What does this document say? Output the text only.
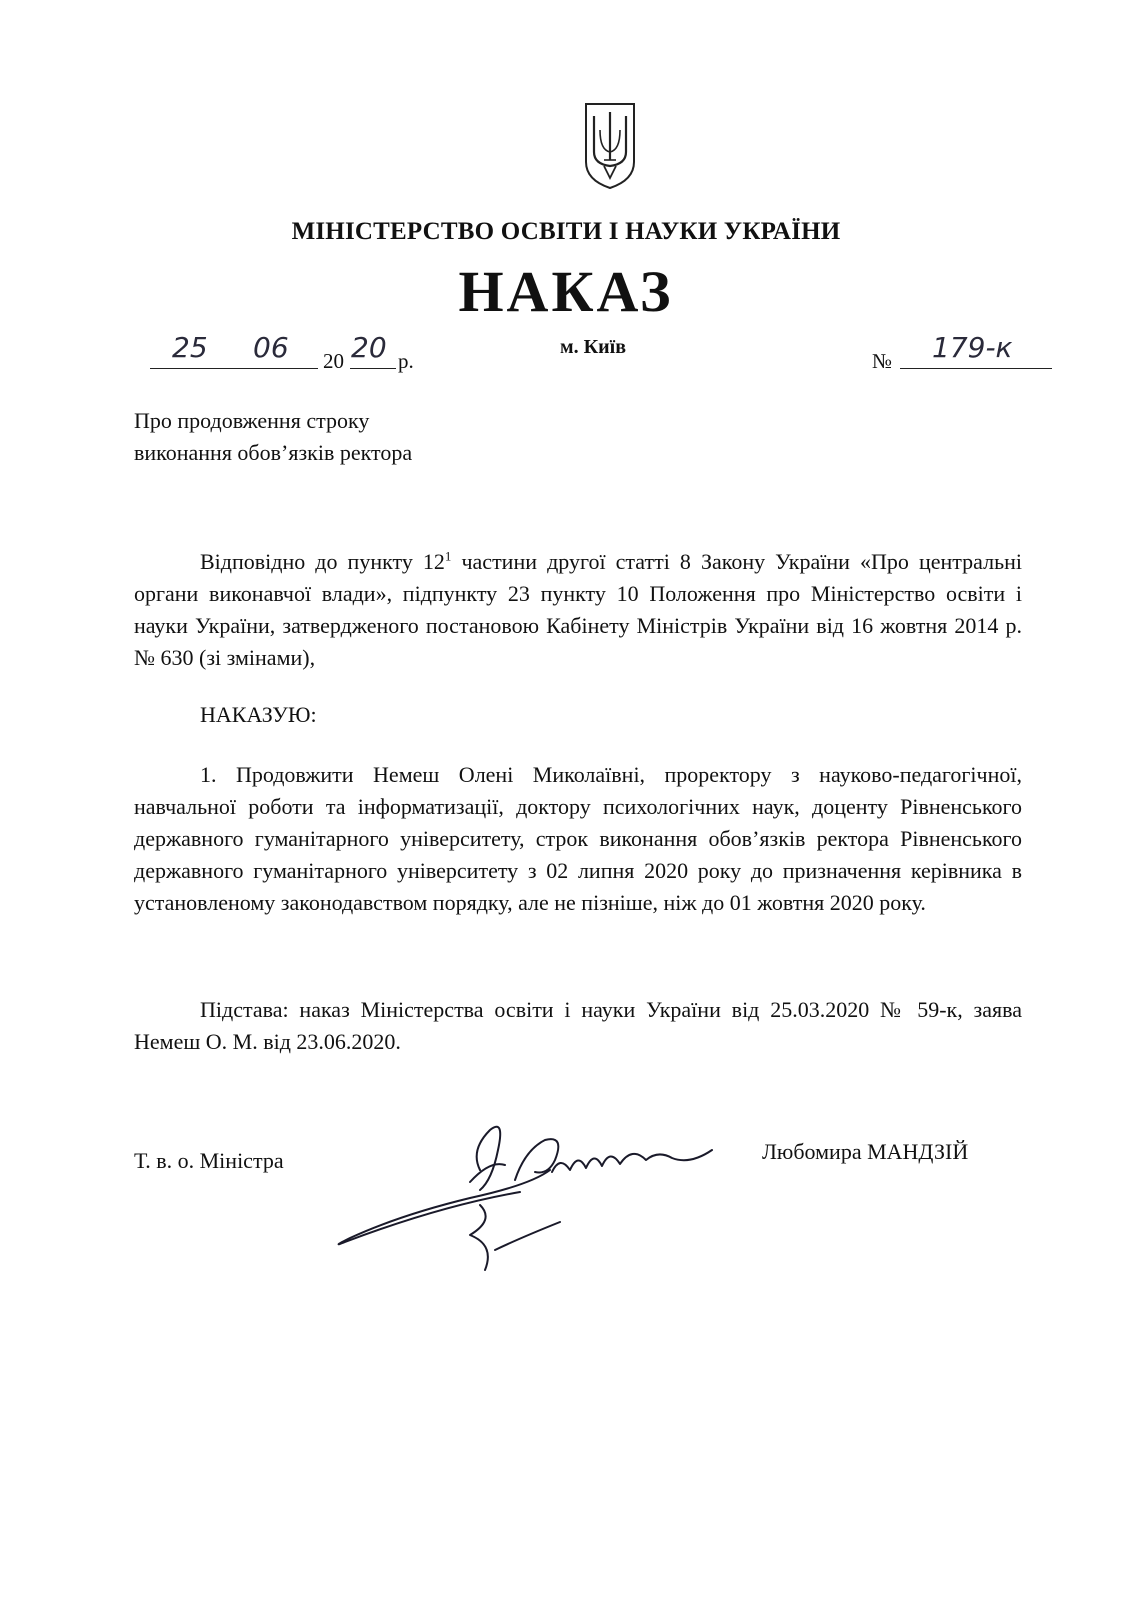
МІНІСТЕРСТВО ОСВІТИ І НАУКИ УКРАЇНИ
НАКАЗ
25 06 20 20 р.
м. Київ
№ 179-к
Про продовження строку
виконання обов’язків ректора
Відповідно до пункту $12^1$ частини другої статті 8 Закону України «Про центральні органи виконавчої влади», підпункту 23 пункту 10 Положення про Міністерство освіти і науки України, затвердженого постановою Кабінету Міністрів України від 16 жовтня 2014 р. № 630 (зі змінами),
НАКАЗУЮ:
1. Продовжити Немеш Олені Миколаївні, проректору з науково-педагогічної, навчальної роботи та інформатизації, доктору психологічних наук, доценту Рівненського державного гуманітарного університету, строк виконання обов’язків ректора Рівненського державного гуманітарного університету з 02 липня 2020 року до призначення керівника в установленому законодавством порядку, але не пізніше, ніж до 01 жовтня 2020 року.
Підстава: наказ Міністерства освіти і науки України від 25.03.2020 № 59-к, заява Немеш О. М. від 23.06.2020.
Т. в. о. Міністра	Любомира МАНДЗІЙ
